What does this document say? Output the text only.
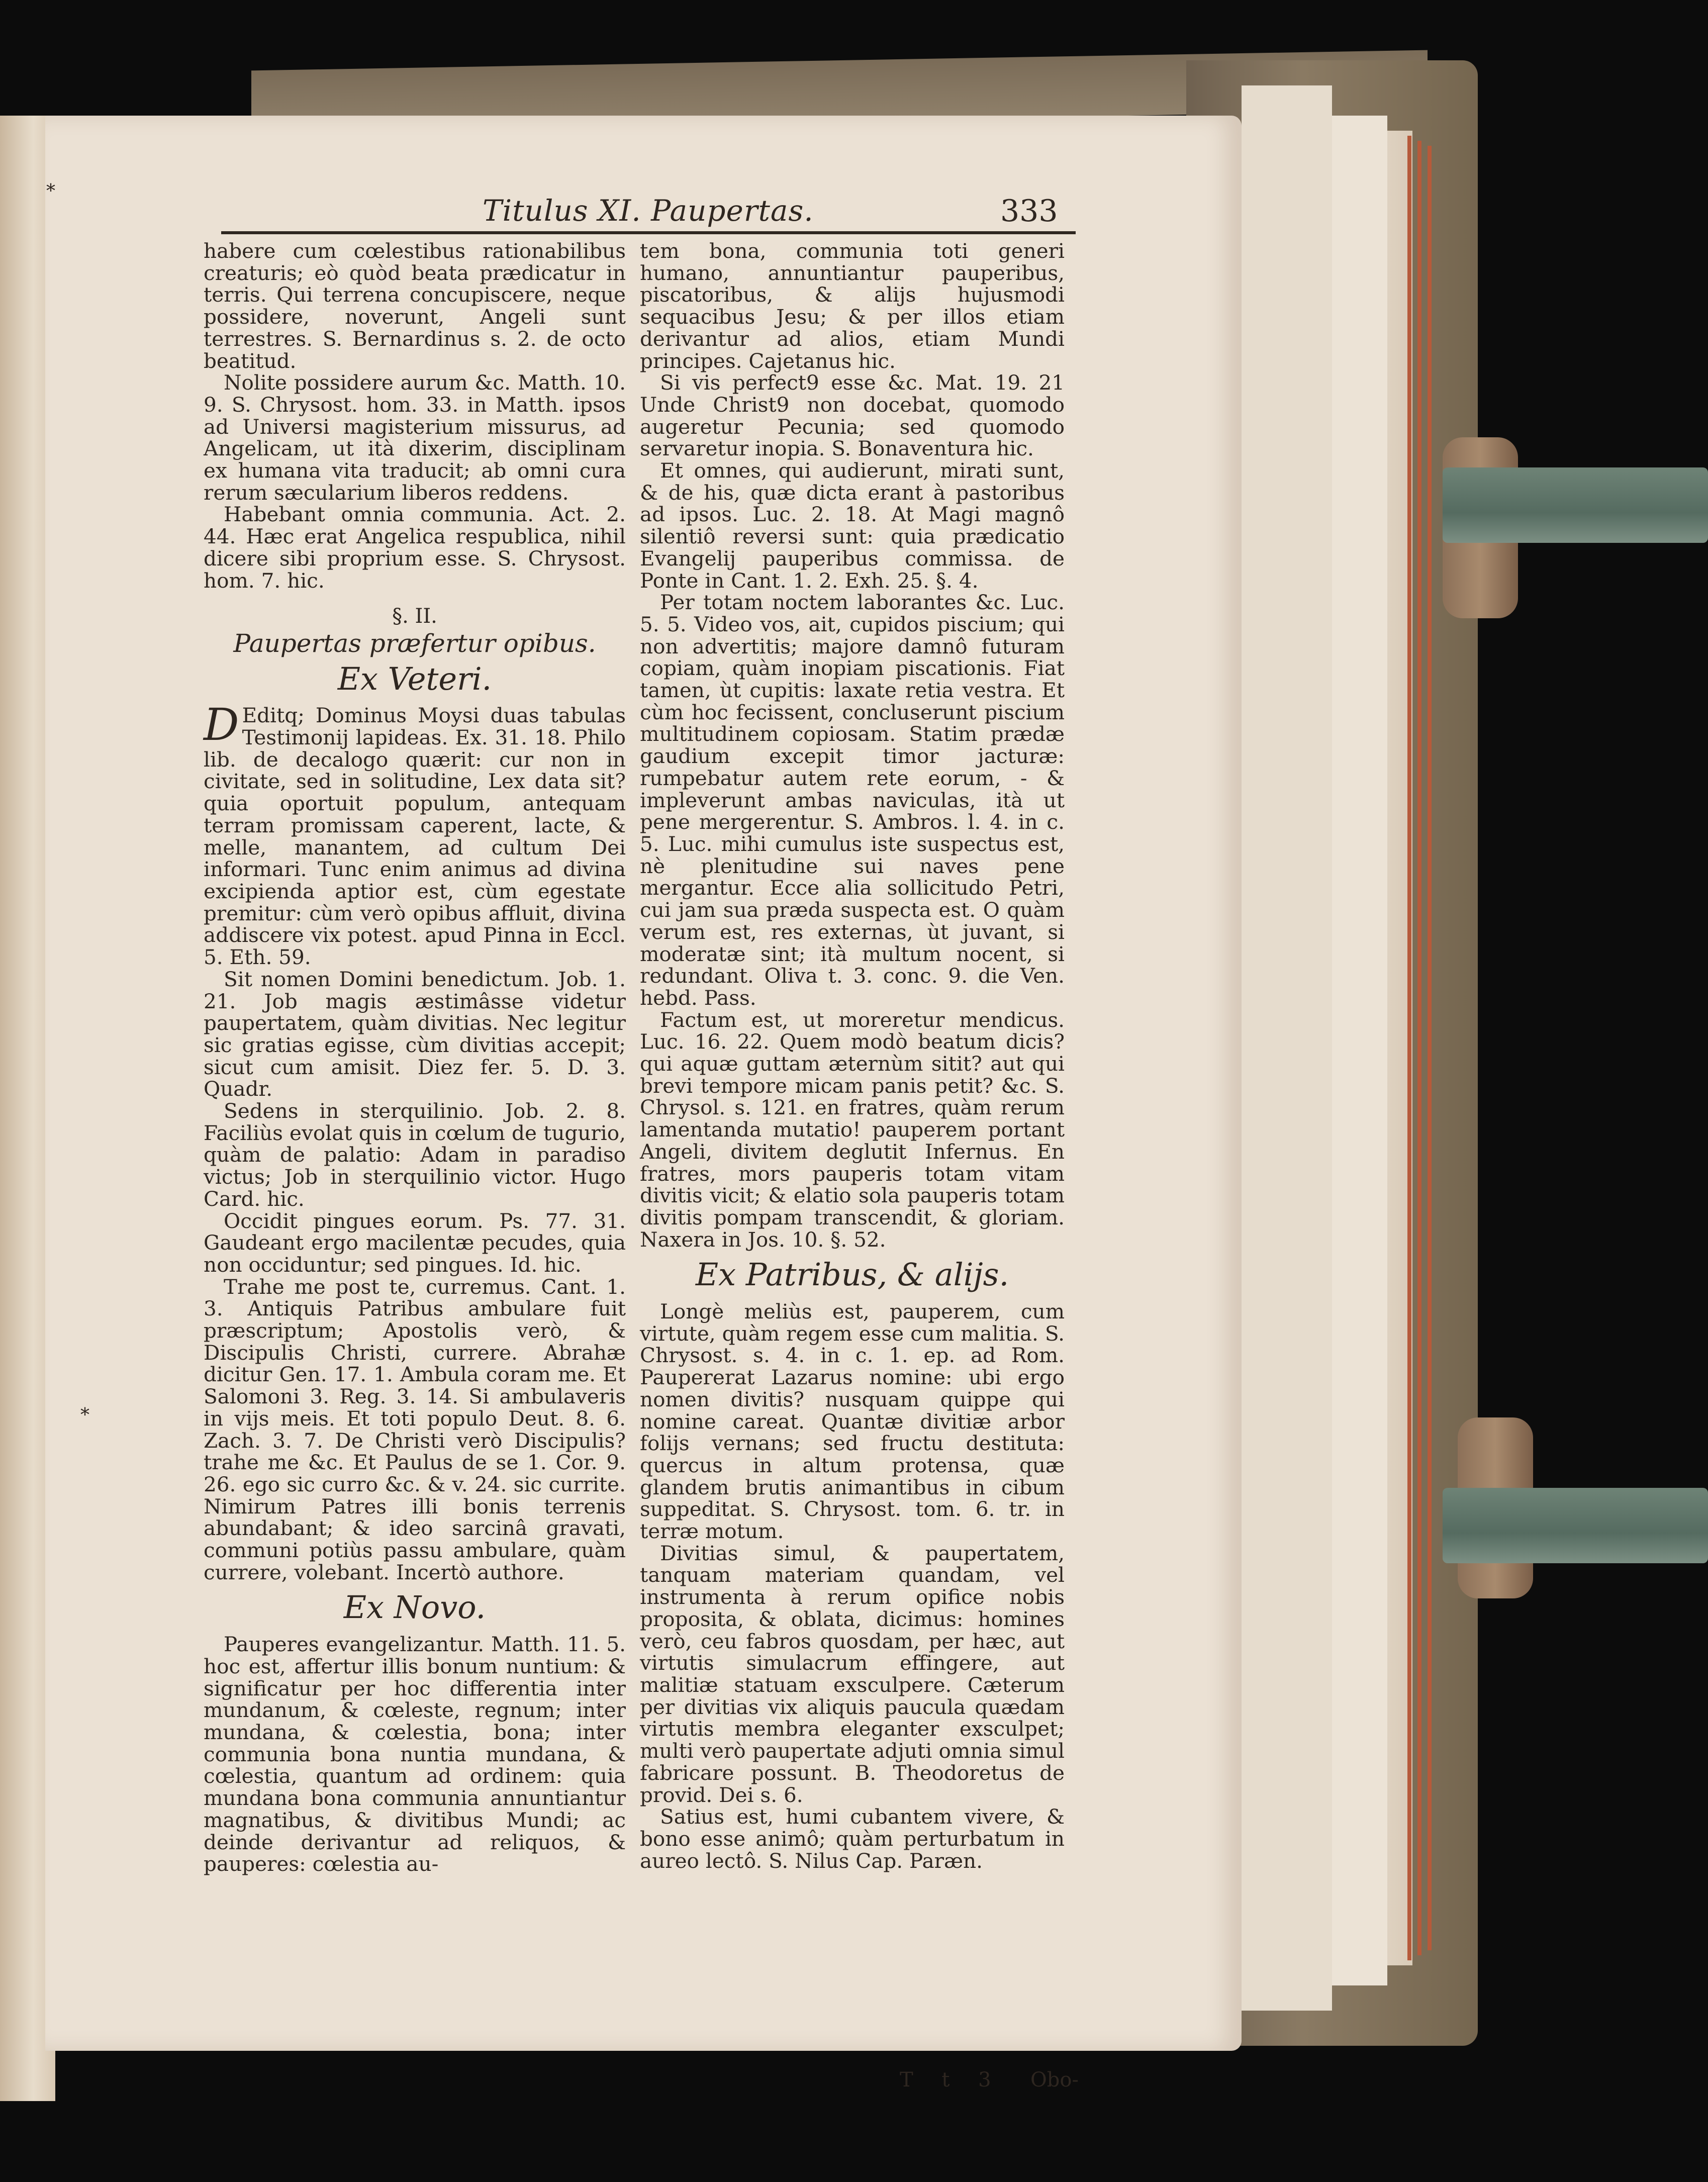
*
*
Titulus XI. Paupertas.	333

habere cum cœlestibus rationabilibus creaturis; eò quòd beata prædicatur in terris. Qui terrena concupiscere, neque possidere, noverunt, Angeli sunt terrestres. S. Bernardinus s. 2. de octo beatitud.

Nolite possidere aurum &c. Matth. 10. 9. S. Chrysost. hom. 33. in Matth. ipsos ad Universi magisterium missurus, ad Angelicam, ut ità dixerim, disciplinam ex humana vita traducit; ab omni cura rerum sæcularium liberos reddens.

Habebant omnia communia. Act. 2. 44. Hæc erat Angelica respublica, nihil dicere sibi proprium esse. S. Chrysost. hom. 7. hic.

§. II.
Paupertas præfertur opibus.
Ex Veteri.

D Editq; Dominus Moysi duas tabulas Testimonij lapideas. Ex. 31. 18. Philo lib. de decalogo quærit: cur non in civitate, sed in solitudine, Lex data sit? quia oportuit populum, antequam terram promissam caperent, lacte, & melle, manantem, ad cultum Dei informari. Tunc enim animus ad divina excipienda aptior est, cùm egestate premitur: cùm verò opibus affluit, divina addiscere vix potest. apud Pinna in Eccl. 5. Eth. 59.

Sit nomen Domini benedictum. Job. 1. 21. Job magis æstimâsse videtur paupertatem, quàm divitias. Nec legitur sic gratias egisse, cùm divitias accepit; sicut cum amisit. Diez fer. 5. D. 3. Quadr.

Sedens in sterquilinio. Job. 2. 8. Faciliùs evolat quis in cœlum de tugurio, quàm de palatio: Adam in paradiso victus; Job in sterquilinio victor. Hugo Card. hic.

Occidit pingues eorum. Ps. 77. 31. Gaudeant ergo macilentæ pecudes, quia non occiduntur; sed pingues. Id. hic.

Trahe me post te, curremus. Cant. 1. 3. Antiquis Patribus ambulare fuit præscriptum; Apostolis verò, & Discipulis Christi, currere. Abrahæ dicitur Gen. 17. 1. Ambula coram me. Et Salomoni 3. Reg. 3. 14. Si ambulaveris in vijs meis. Et toti populo Deut. 8. 6. Zach. 3. 7. De Christi verò Discipulis? trahe me &c. Et Paulus de se 1. Cor. 9. 26. ego sic curro &c. & v. 24. sic currite. Nimirum Patres illi bonis terrenis abundabant; & ideo sarcinâ gravati, communi potiùs passu ambulare, quàm currere, volebant. Incertò authore.

Ex Novo.

Pauperes evangelizantur. Matth. 11. 5. hoc est, affertur illis bonum nuntium: & significatur per hoc differentia inter mundanum, & cœleste, regnum; inter mundana, & cœlestia, bona; inter communia bona nuntia mundana, & cœlestia, quantum ad ordinem: quia mundana bona communia annuntiantur magnatibus, & divitibus Mundi; ac deinde derivantur ad reliquos, & pauperes: cœlestia au-

tem bona, communia toti generi humano, annuntiantur pauperibus, piscatoribus, & alijs hujusmodi sequacibus Jesu; & per illos etiam derivantur ad alios, etiam Mundi principes. Cajetanus hic.

Si vis perfect9 esse &c. Mat. 19. 21 Unde Christ9 non docebat, quomodo augeretur Pecunia; sed quomodo servaretur inopia. S. Bonaventura hic.

Et omnes, qui audierunt, mirati sunt, & de his, quæ dicta erant à pastoribus ad ipsos. Luc. 2. 18. At Magi magnô silentiô reversi sunt: quia prædicatio Evangelij pauperibus commissa. de Ponte in Cant. 1. 2. Exh. 25. §. 4.

Per totam noctem laborantes &c. Luc. 5. 5. Video vos, ait, cupidos piscium; qui non advertitis; majore damnô futuram copiam, quàm inopiam piscationis. Fiat tamen, ùt cupitis: laxate retia vestra. Et cùm hoc fecissent, concluserunt piscium multitudinem copiosam. Statim prædæ gaudium excepit timor jacturæ: rumpebatur autem rete eorum, - & impleverunt ambas naviculas, ità ut pene mergerentur. S. Ambros. l. 4. in c. 5. Luc. mihi cumulus iste suspectus est, nè plenitudine sui naves pene mergantur. Ecce alia sollicitudo Petri, cui jam sua præda suspecta est. O quàm verum est, res externas, ùt juvant, si moderatæ sint; ità multum nocent, si redundant. Oliva t. 3. conc. 9. die Ven. hebd. Pass.

Factum est, ut moreretur mendicus. Luc. 16. 22. Quem modò beatum dicis? qui aquæ guttam æternùm sitit? aut qui brevi tempore micam panis petit? &c. S. Chrysol. s. 121. en fratres, quàm rerum lamentanda mutatio! pauperem portant Angeli, divitem deglutit Infernus. En fratres, mors pauperis totam vitam divitis vicit; & elatio sola pauperis totam divitis pompam transcendit, & gloriam. Naxera in Jos. 10. §. 52.

Ex Patribus, & alijs.

Longè meliùs est, pauperem, cum virtute, quàm regem esse cum malitia. S. Chrysost. s. 4. in c. 1. ep. ad Rom. Paupererat Lazarus nomine: ubi ergo nomen divitis? nusquam quippe qui nomine careat. Quantæ divitiæ arbor folijs vernans; sed fructu destituta: quercus in altum protensa, quæ glandem brutis animantibus in cibum suppeditat. S. Chrysost. tom. 6. tr. in terræ motum.

Divitias simul, & paupertatem, tanquam materiam quandam, vel instrumenta à rerum opifice nobis proposita, & oblata, dicimus: homines verò, ceu fabros quosdam, per hæc, aut virtutis simulacrum effingere, aut malitiæ statuam exsculpere. Cæterum per divitias vix aliquis paucula quædam virtutis membra eleganter exsculpet; multi verò paupertate adjuti omnia simul fabricare possunt. B. Theodoretus de provid. Dei s. 6.

Satius est, humi cubantem vivere, & bono esse animô; quàm perturbatum in aureo lectô. S. Nilus Cap. Paræn.

T t 3 Obo-
